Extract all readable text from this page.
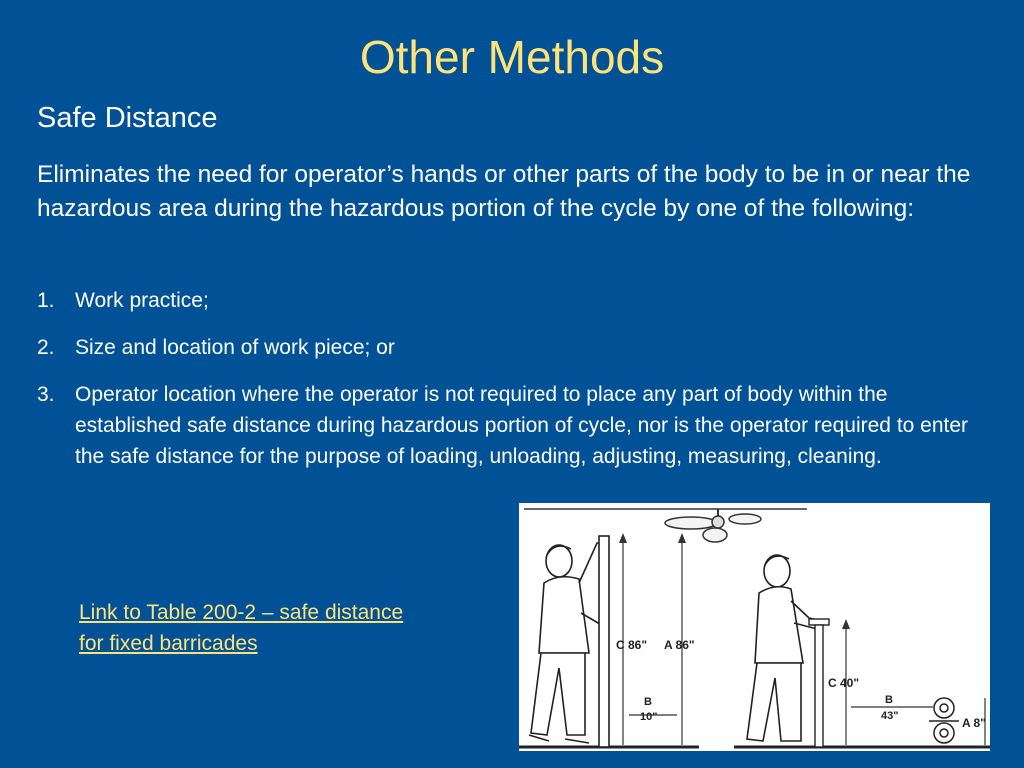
Other Methods
Safe Distance
Eliminates the need for operator’s hands or other parts of the body to be in or near the hazardous area during the hazardous portion of the cycle by one of the following:
1. Work practice;
2. Size and location of work piece; or
3. Operator location where the operator is not required to place any part of body within the established safe distance during hazardous portion of cycle, nor is the operator required to enter the safe distance for the purpose of loading, unloading, adjusting, measuring, cleaning.
Link to Table 200-2 – safe distance for fixed barricades	C 86" A 86"
B
10"
C 40"
B
43"	A 8"
